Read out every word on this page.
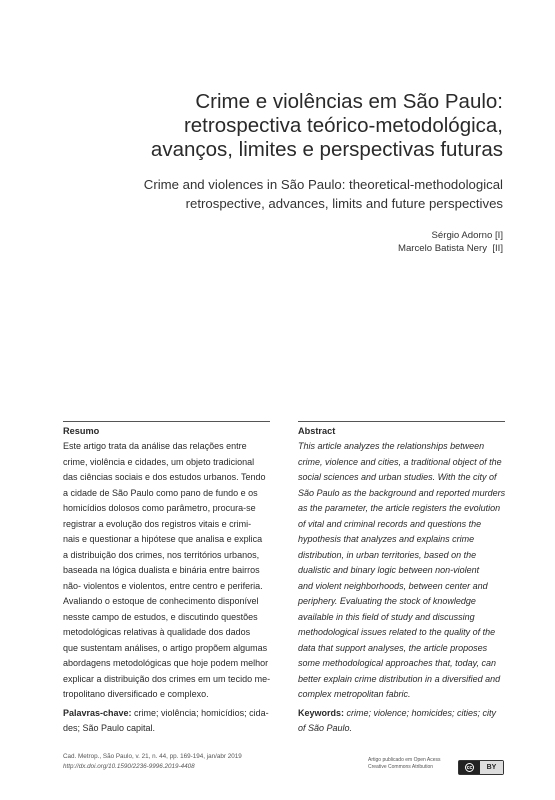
Crime e violências em São Paulo:
retrospectiva teórico-metodológica,
avanços, limites e perspectivas futuras
Crime and violences in São Paulo: theoretical-methodological
retrospective, advances, limits and future perspectives
Sérgio Adorno [I]
Marcelo Batista Nery  [II]
Resumo
Este artigo trata da análise das relações entre
crime, violência e cidades, um objeto tradicional
das ciências sociais e dos estudos urbanos. Tendo
a cidade de São Paulo como pano de fundo e os
homicídios dolosos como parâmetro, procura-se
registrar a evolução dos registros vitais e crimi-
nais e questionar a hipótese que analisa e explica
a distribuição dos crimes, nos territórios urbanos,
baseada na lógica dualista e binária entre bairros
não- violentos e violentos, entre centro e periferia.
Avaliando o estoque de conhecimento disponível
nesste campo de estudos, e discutindo questões
metodológicas relativas à qualidade dos dados
que sustentam análises, o artigo propõem algumas
abordagens metodológicas que hoje podem melhor
explicar a distribuição dos crimes em um tecido me-
tropolitano diversificado e complexo.
Palavras-chave: crime; violência; homicídios; cida-
des; São Paulo capital.
Abstract
This article analyzes the relationships between
crime, violence and cities, a traditional object of the
social sciences and urban studies. With the city of
São Paulo as the background and reported murders
as the parameter, the article registers the evolution
of vital and criminal records and questions the
hypothesis that analyzes and explains crime
distribution, in urban territories, based on the
dualistic and binary logic between non-violent
and violent neighborhoods, between center and
periphery. Evaluating the stock of knowledge
available in this field of study and discussing
methodological issues related to the quality of the
data that support analyses, the article proposes
some methodological approaches that, today, can
better explain crime distribution in a diversified and
complex metropolitan fabric.
Keywords: crime; violence; homicides; cities; city
of São Paulo.
Cad. Metrop., São Paulo, v. 21, n. 44, pp. 169-194, jan/abr 2019
http://dx.doi.org/10.1590/2236-9996.2019-4408
Artigo publicado em Open Acess
Creative Commons Atribution	cc BY
